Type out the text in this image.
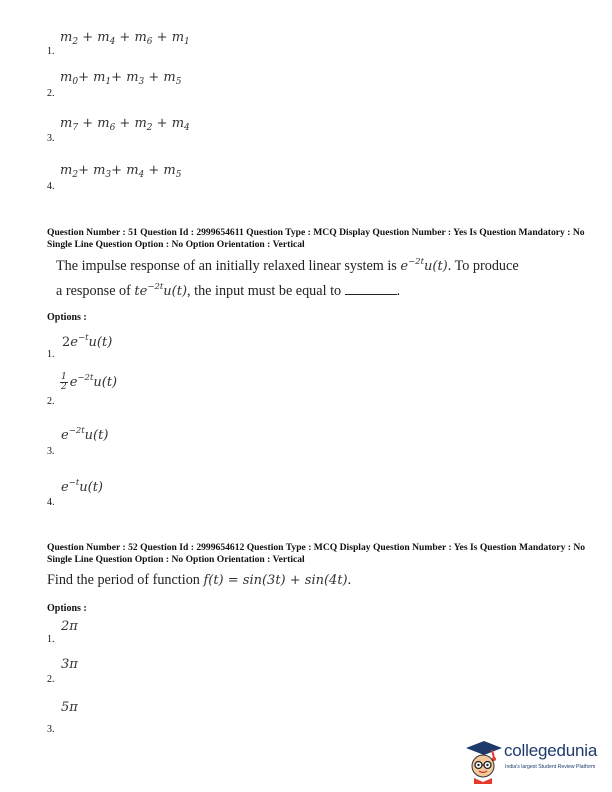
$m_2 + m_4 + m_6 + m_1$
1.
$m_0+ m_1+ m_3 + m_5$
2.
$m_7 + m_6 + m_2 + m_4$
3.
$m_2+ m_3+ m_4 + m_5$
4.
Question Number : 51 Question Id : 2999654611 Question Type : MCQ Display Question Number : Yes Is Question Mandatory : No Single Line Question Option : No Option Orientation : Vertical
The impulse response of an initially relaxed linear system is $e^{-2t}u(t)$. To produce
a response of $te^{-2t}u(t)$, the input must be equal to	.
Options :
$2e^{-t}u(t)$
1.
$\frac{1}{2} e^{-2t}u(t)$
2.
$e^{-2t}u(t)$
3.
$e^{-t}u(t)$
4.
Question Number : 52 Question Id : 2999654612 Question Type : MCQ Display Question Number : Yes Is Question Mandatory : No Single Line Question Option : No Option Orientation : Vertical
Find the period of function f(t) = sin(3t) + sin(4t).
Options :
2π
1.
3π
2.
5π
3.
collegedunia
India's largest Student Review Platform
